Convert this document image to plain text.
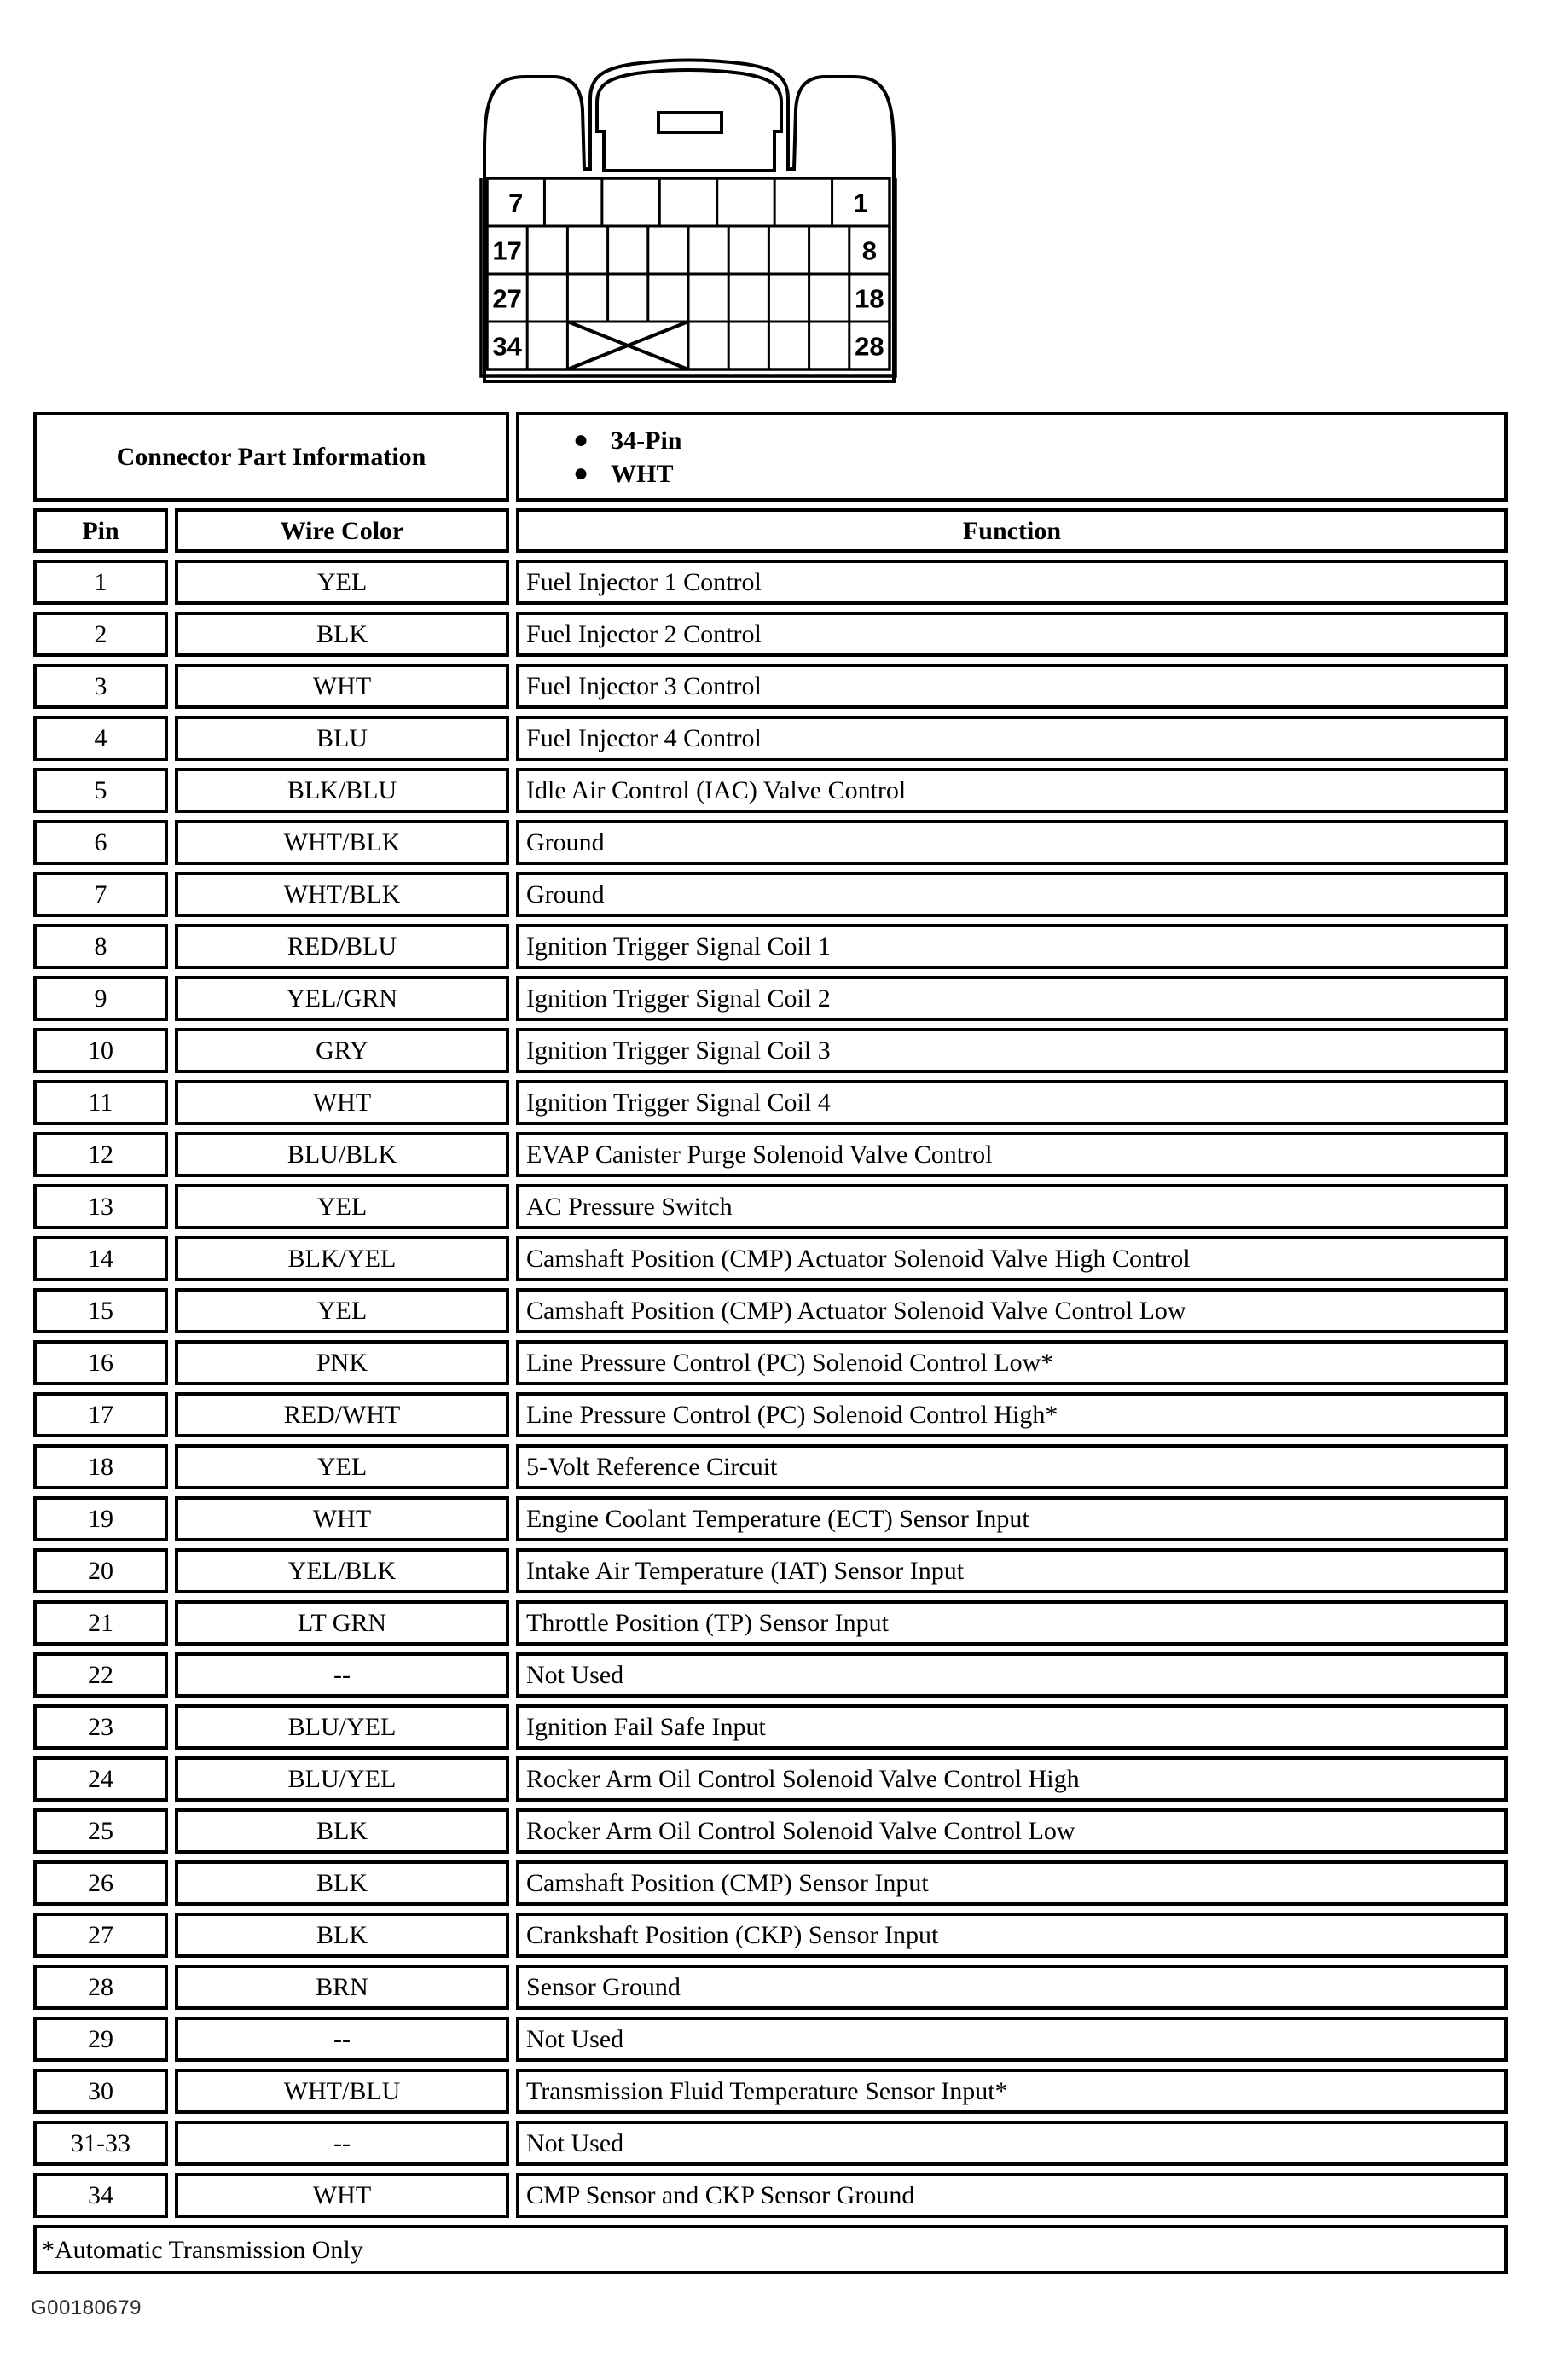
7	1
17	8
27	18
34	28
Connector Part Information		● 34-Pin
● WHT

Pin	Wire Color	Function
1	YEL	Fuel Injector 1 Control
2	BLK	Fuel Injector 2 Control
3	WHT	Fuel Injector 3 Control
4	BLU	Fuel Injector 4 Control
5	BLK/BLU	Idle Air Control (IAC) Valve Control
6	WHT/BLK	Ground
7	WHT/BLK	Ground
8	RED/BLU	Ignition Trigger Signal Coil 1
9	YEL/GRN	Ignition Trigger Signal Coil 2
10	GRY	Ignition Trigger Signal Coil 3
11	WHT	Ignition Trigger Signal Coil 4
12	BLU/BLK	EVAP Canister Purge Solenoid Valve Control
13	YEL	AC Pressure Switch
14	BLK/YEL	Camshaft Position (CMP) Actuator Solenoid Valve High Control
15	YEL	Camshaft Position (CMP) Actuator Solenoid Valve Control Low
16	PNK	Line Pressure Control (PC) Solenoid Control Low*
17	RED/WHT	Line Pressure Control (PC) Solenoid Control High*
18	YEL	5-Volt Reference Circuit
19	WHT	Engine Coolant Temperature (ECT) Sensor Input
20	YEL/BLK	Intake Air Temperature (IAT) Sensor Input
21	LT GRN	Throttle Position (TP) Sensor Input
22	--	Not Used
23	BLU/YEL	Ignition Fail Safe Input
24	BLU/YEL	Rocker Arm Oil Control Solenoid Valve Control High
25	BLK	Rocker Arm Oil Control Solenoid Valve Control Low
26	BLK	Camshaft Position (CMP) Sensor Input
27	BLK	Crankshaft Position (CKP) Sensor Input
28	BRN	Sensor Ground
29	--	Not Used
30	WHT/BLU	Transmission Fluid Temperature Sensor Input*
31-33	--	Not Used
34	WHT	CMP Sensor and CKP Sensor Ground
*Automatic Transmission Only		
G00180679
